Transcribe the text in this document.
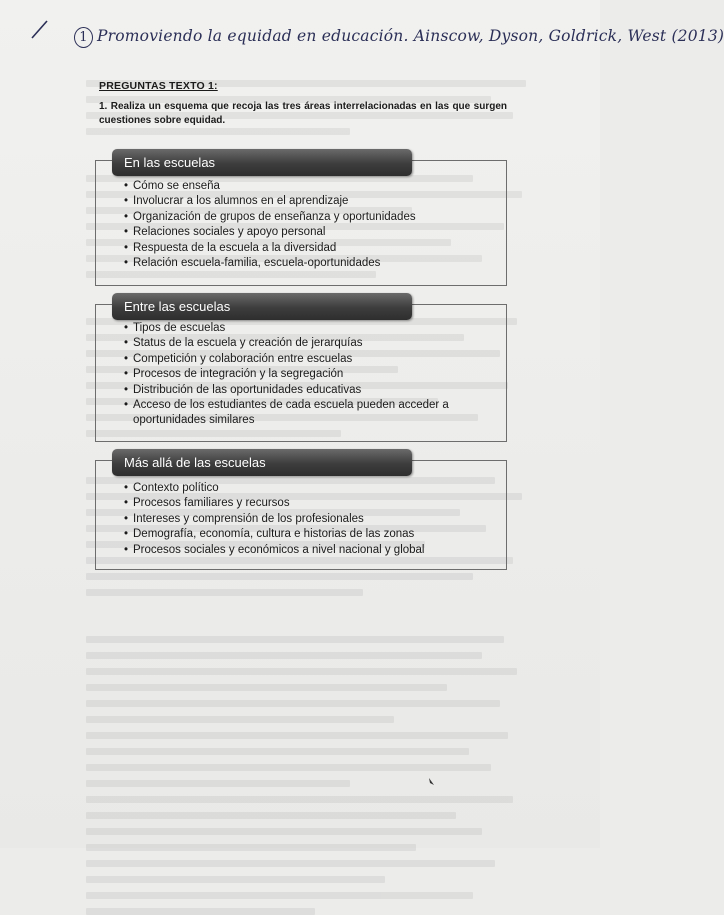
1 Promoviendo la equidad en educación. Ainscow, Dyson, Goldrick, West (2013)
PREGUNTAS TEXTO 1:
1. Realiza un esquema que recoja las tres áreas interrelacionadas en las que surgen cuestiones sobre equidad.
En las escuelas
• Cómo se enseña
• Involucrar a los alumnos en el aprendizaje
• Organización de grupos de enseñanza y oportunidades
• Relaciones sociales y apoyo personal
• Respuesta de la escuela a la diversidad
• Relación escuela-familia, escuela-oportunidades
Entre las escuelas
• Tipos de escuelas
• Status de la escuela y creación de jerarquías
• Competición y colaboración entre escuelas
• Procesos de integración y la segregación
• Distribución de las oportunidades educativas
• Acceso de los estudiantes de cada escuela pueden acceder a oportunidades similares
Más allá de las escuelas
• Contexto político
• Procesos familiares y recursos
• Intereses y comprensión de los profesionales
• Demografía, economía, cultura e historias de las zonas
• Procesos sociales y económicos a nivel nacional y global
